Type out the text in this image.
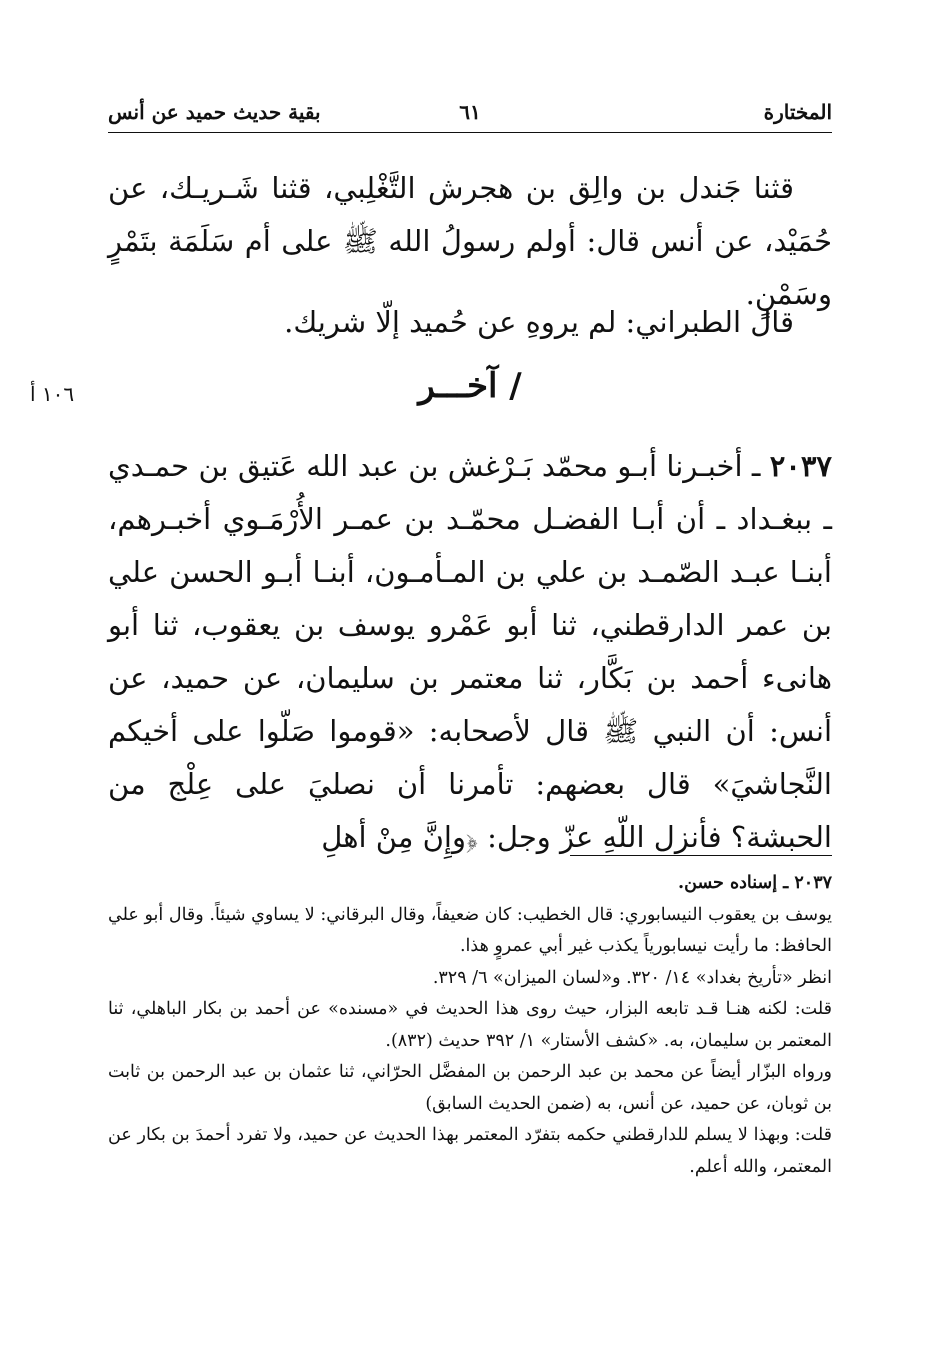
المختارة
٦١
بقية حديث حميد عن أنس

قثنا جَندل بن والِق بن هجرش التَّغْلِبي، قثنا شَـريـك، عن حُمَيْد، عن أنس قال: أولم رسولُ الله ﷺ على أم سَلَمَة بتَمْرٍ وسَمْنٍ.

قال الطبراني: لم يروهِ عن حُميد إلّا شريك.

١٠٦ أ	/ آخـــر

٢٠٣٧ ـ أخبـرنا أبـو محمّد بَـرْغش بن عبد الله عَتيق بن حمـدي ـ ببغـداد ـ أن أبـا الفضـل محمّـد بن عمـر الأُرْمَـوي أخبـرهم، أبنـا عبـد الصّمـد بن علي بن المـأمـون، أبنـا أبـو الحسن علي بن عمر الدارقطني، ثنا أبو عَمْرو يوسف بن يعقوب، ثنا أبو هانىء أحمد بن بَكَّار، ثنا معتمر بن سليمان، عن حميد، عن أنس: أن النبي ﷺ قال لأصحابه: «قوموا صَلّوا على أخيكم النَّجاشيَ» قال بعضهم: تأمرنا أن نصليَ على عِلْج من الحبشة؟ فأنزل اللّهِ عزّ وجل: ﴿وإِنَّ مِنْ أهلِ

٢٠٣٧ ـ إسناده حسن.

يوسف بن يعقوب النيسابوري: قال الخطيب: كان ضعيفاً، وقال البرقاني: لا يساوي شيئاً. وقال أبو علي الحافظ: ما رأيت نيسابورياً يكذب غير أبي عمروٍ هذا.

انظر «تأريخ بغداد» ١٤/ ٣٢٠. و«لسان الميزان» ٦/ ٣٢٩.

قلت: لكنه هنـا قـد تابعه البزار، حيث روى هذا الحديث في «مسنده» عن أحمد بن بكار الباهلي، ثنا المعتمر بن سليمان، به. «كشف الأستار» ١/ ٣٩٢ حديث (٨٣٢).

ورواه البزّار أيضاً عن محمد بن عبد الرحمن بن المفضَّل الحرّاني، ثنا عثمان بن عبد الرحمن بن ثابت بن ثوبان، عن حميد، عن أنس، به (ضمن الحديث السابق)

قلت: وبهذا لا يسلم للدارقطني حكمه بتفرّد المعتمر بهذا الحديث عن حميد، ولا تفرد أحمدَ بن بكار عن المعتمر، والله أعلم.
